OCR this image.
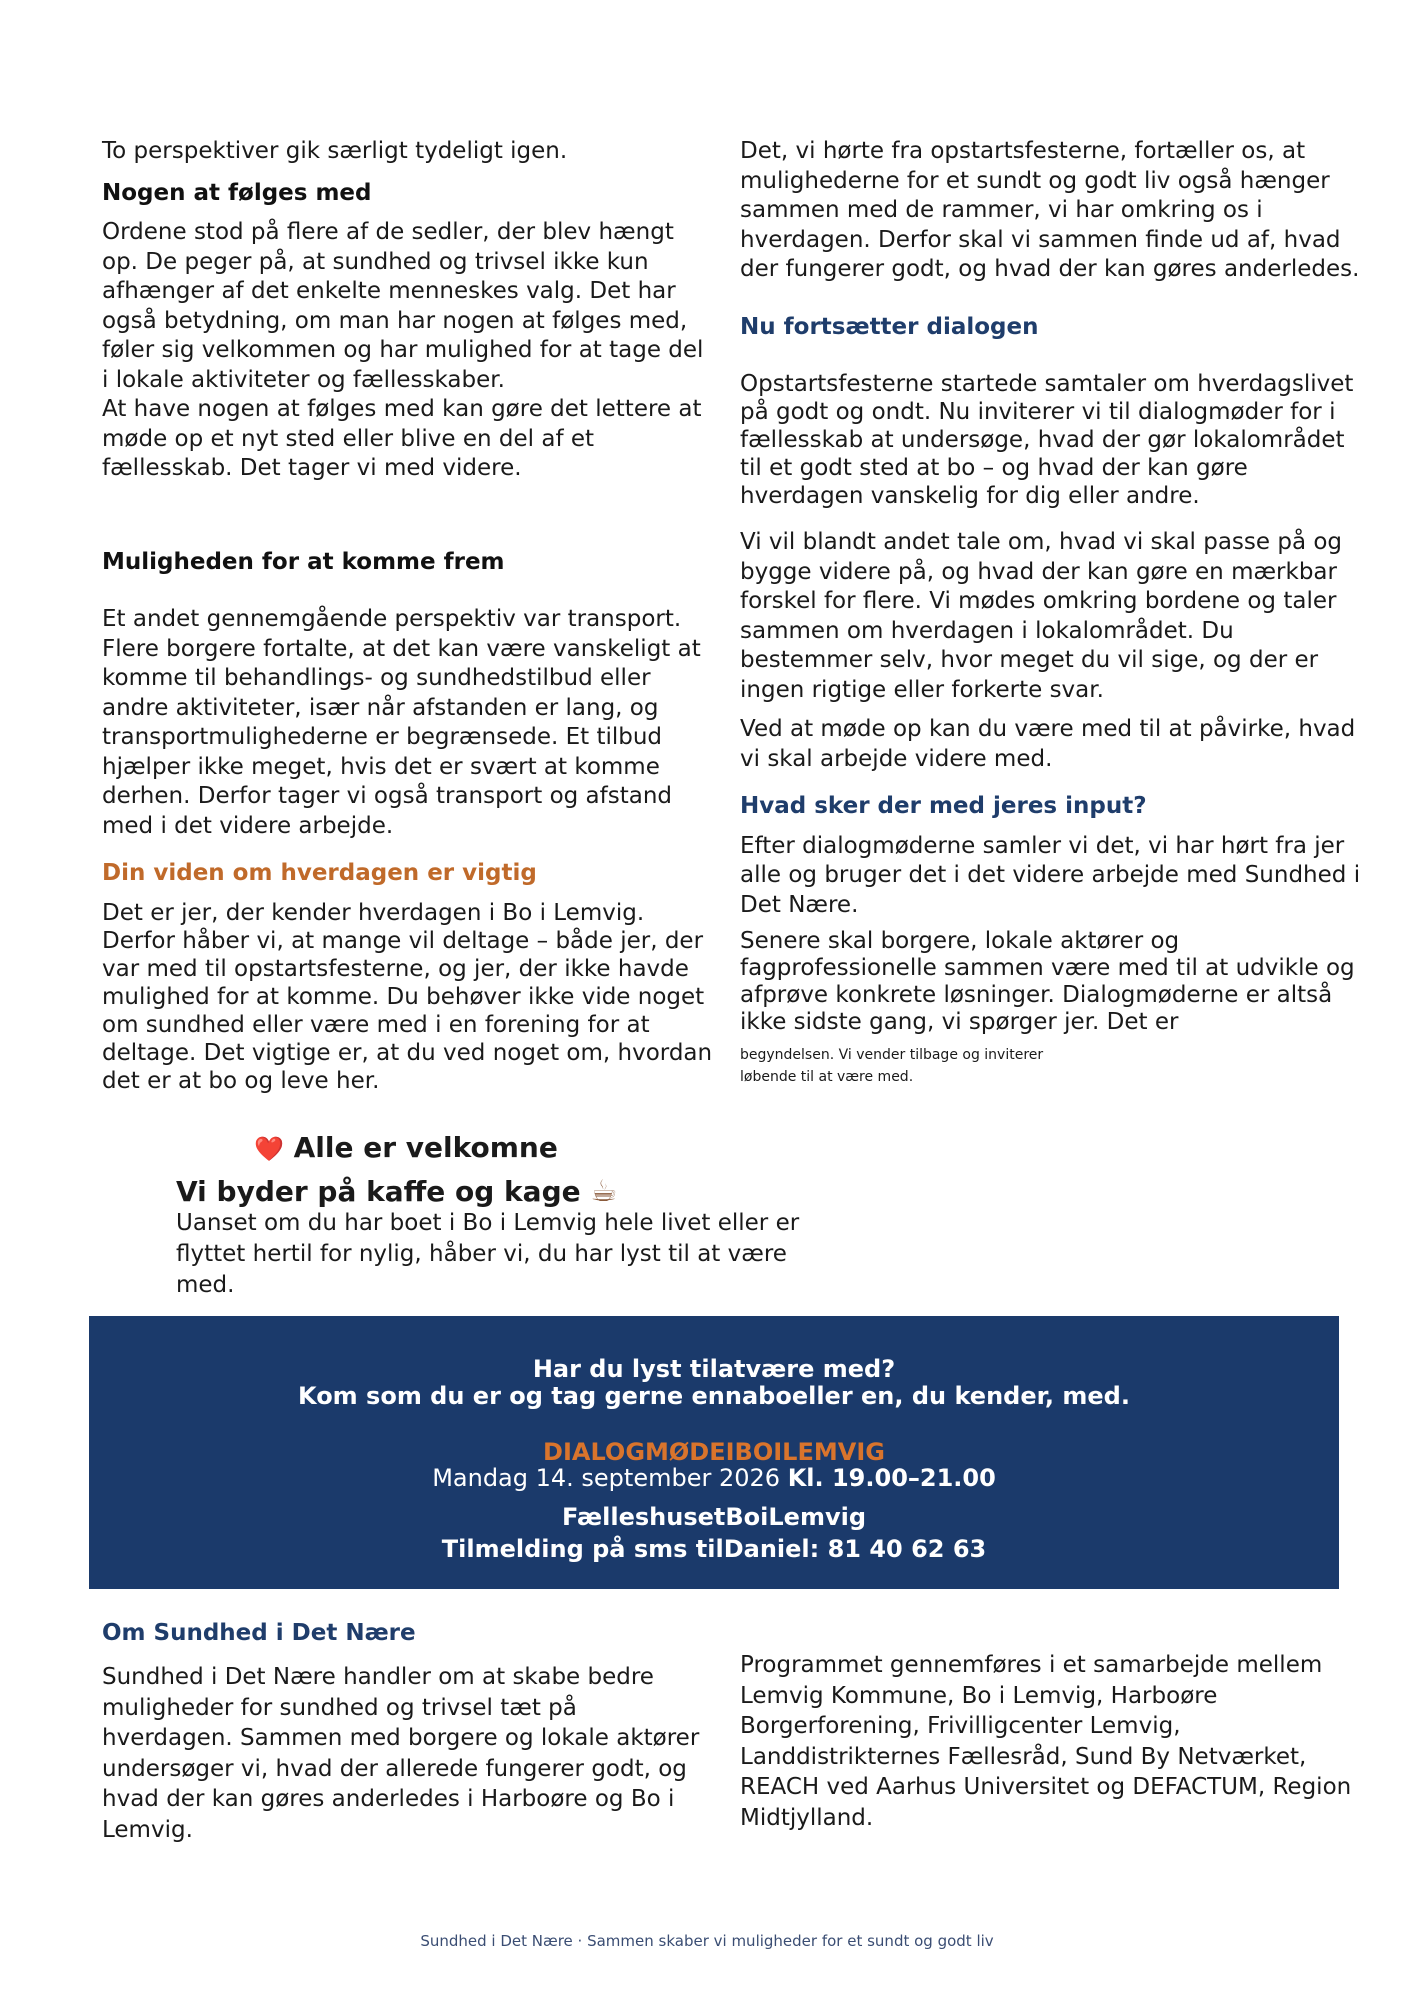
To perspektiver gik særligt tydeligt igen.

Nogen at følges med

Ordene stod på flere af de sedler, der blev hængt op. De peger på, at sundhed og trivsel ikke kun afhænger af det enkelte menneskes valg. Det har også betydning, om man har nogen at følges med, føler sig velkommen og har mulighed for at tage del i lokale aktiviteter og fællesskaber.

At have nogen at følges med kan gøre det lettere at møde op et nyt sted eller blive en del af et fællesskab. Det tager vi med videre.

Muligheden for at komme frem

Et andet gennemgående perspektiv var transport. Flere borgere fortalte, at det kan være vanskeligt at komme til behandlings- og sundhedstilbud eller andre aktiviteter, især når afstanden er lang, og transportmulighederne er begrænsede. Et tilbud hjælper ikke meget, hvis det er svært at komme derhen. Derfor tager vi også transport og afstand med i det videre arbejde.

Din viden om hverdagen er vigtig

Det er jer, der kender hverdagen i Bo i Lemvig. Derfor håber vi, at mange vil deltage – både jer, der var med til opstartsfesterne, og jer, der ikke havde mulighed for at komme. Du behøver ikke vide noget om sundhed eller være med i en forening for at deltage. Det vigtige er, at du ved noget om, hvordan det er at bo og leve her.

Det, vi hørte fra opstartsfesterne, fortæller os, at mulighederne for et sundt og godt liv også hænger sammen med de rammer, vi har omkring os i hverdagen. Derfor skal vi sammen finde ud af, hvad der fungerer godt, og hvad der kan gøres anderledes.

Nu fortsætter dialogen

Opstartsfesterne startede samtaler om hverdagslivet på godt og ondt. Nu inviterer vi til dialogmøder for i fællesskab at undersøge, hvad der gør lokalområdet til et godt sted at bo – og hvad der kan gøre hverdagen vanskelig for dig eller andre.

Vi vil blandt andet tale om, hvad vi skal passe på og bygge videre på, og hvad der kan gøre en mærkbar forskel for flere. Vi mødes omkring bordene og taler sammen om hverdagen i lokalområdet. Du bestemmer selv, hvor meget du vil sige, og der er ingen rigtige eller forkerte svar.

Ved at møde op kan du være med til at påvirke, hvad vi skal arbejde videre med.

Hvad sker der med jeres input?

Efter dialogmøderne samler vi det, vi har hørt fra jer alle og bruger det i det videre arbejde med Sundhed i Det Nære.

Senere skal borgere, lokale aktører og fagprofessionelle sammen være med til at udvikle og afprøve konkrete løsninger. Dialogmøderne er altså ikke sidste gang, vi spørger jer. Det er

begyndelsen. Vi vender tilbage og inviterer løbende til at være med.

❤️ Alle er velkomne
Vi byder på kaffe og kage ☕

Uanset om du har boet i Bo i Lemvig hele livet eller er flyttet hertil for nylig, håber vi, du har lyst til at være med.

Har du lyst tilatvære med?
Kom som du er og tag gerne ennaboeller en, du kender, med.
DIALOGMØDEIBOILEMVIG
Mandag 14. september 2026 Kl. 19.00–21.00
FælleshusetBoiLemvig
Tilmelding på sms tilDaniel: 81 40 62 63

Om Sundhed i Det Nære

Sundhed i Det Nære handler om at skabe bedre muligheder for sundhed og trivsel tæt på hverdagen. Sammen med borgere og lokale aktører undersøger vi, hvad der allerede fungerer godt, og hvad der kan gøres anderledes i Harboøre og Bo i Lemvig.

Programmet gennemføres i et samarbejde mellem Lemvig Kommune, Bo i Lemvig, Harboøre Borgerforening, Frivilligcenter Lemvig, Landdistrikternes Fællesråd, Sund By Netværket, REACH ved Aarhus Universitet og DEFACTUM, Region Midtjylland.

Sundhed i Det Nære · Sammen skaber vi muligheder for et sundt og godt liv
